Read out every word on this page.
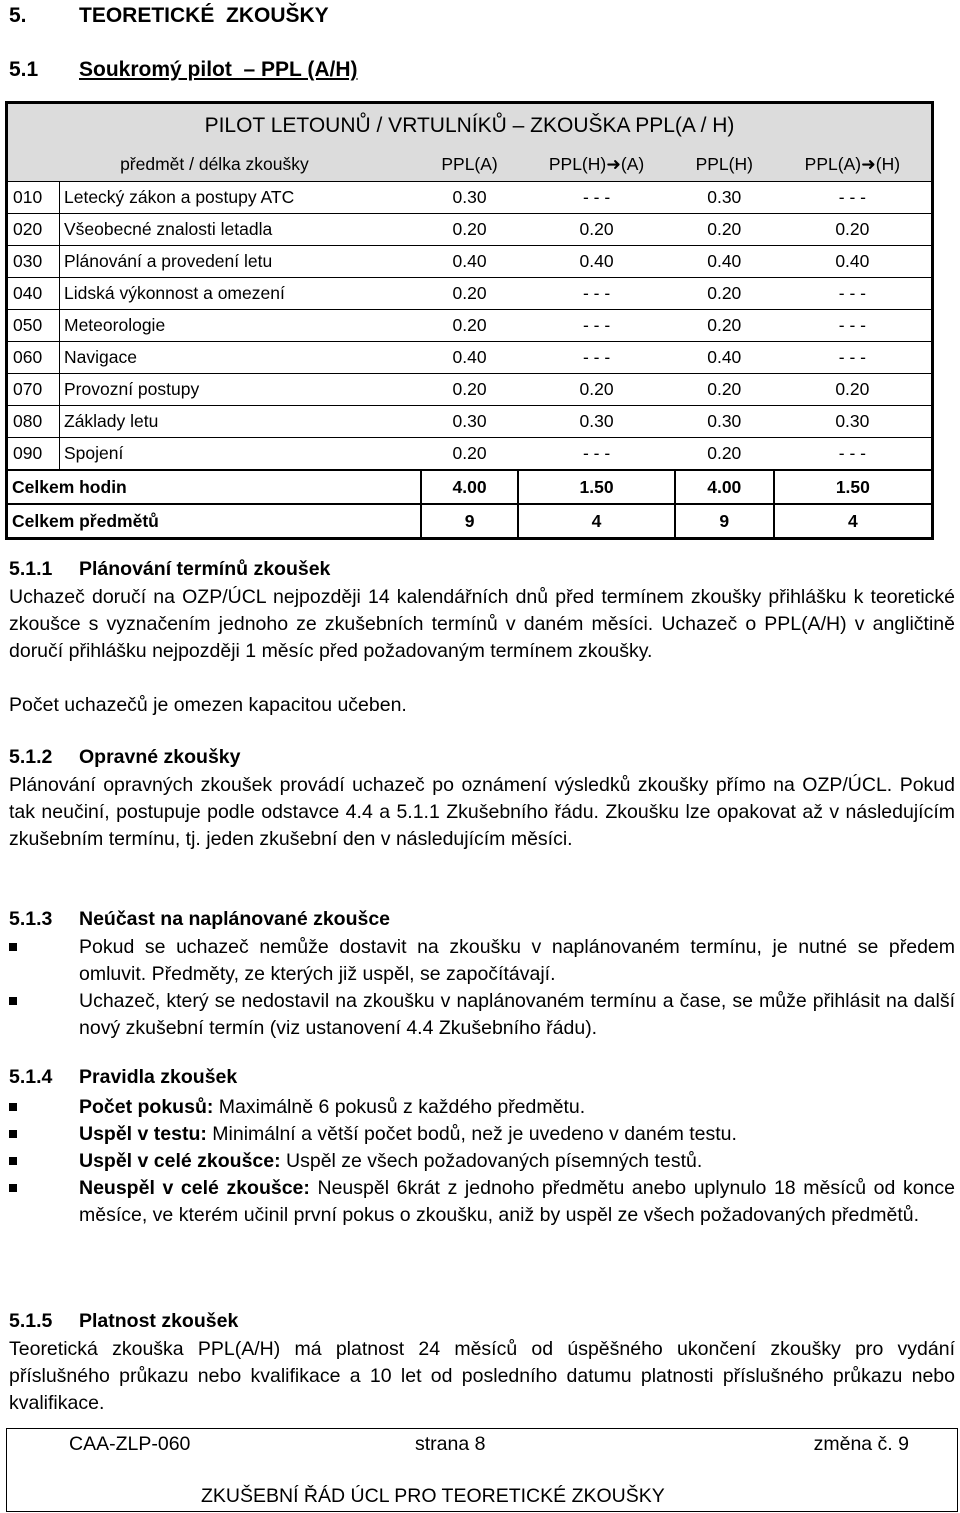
5. TEORETICKÉ  ZKOUŠKY
5.1 Soukromý pilot  – PPL (A/H)
PILOT LETOUNŮ / VRTULNÍKŮ – ZKOUŠKA PPL(A / H)					
předmět / délka zkoušky		PPL(A)	PPL(H)➜(A)	PPL(H)	PPL(A)➜(H)
010	Letecký zákon a postupy ATC	0.30	- - -	0.30	- - -
020	Všeobecné znalosti letadla	0.20	0.20	0.20	0.20
030	Plánování a provedení letu	0.40	0.40	0.40	0.40
040	Lidská výkonnost a omezení	0.20	- - -	0.20	- - -
050	Meteorologie	0.20	- - -	0.20	- - -
060	Navigace	0.40	- - -	0.40	- - -
070	Provozní postupy	0.20	0.20	0.20	0.20
080	Základy letu	0.30	0.30	0.30	0.30
090	Spojení	0.20	- - -	0.20	- - -
Celkem hodin		4.00	1.50	4.00	1.50
Celkem předmětů		9	4	9	4
5.1.1 Plánování termínů zkoušek
Uchazeč doručí na OZP/ÚCL nejpozději 14 kalendářních dnů před termínem zkoušky přihlášku k teoretické zkoušce s vyznačením jednoho ze zkušebních termínů v daném měsíci. Uchazeč o PPL(A/H) v angličtině doručí přihlášku nejpozději 1 měsíc před požadovaným termínem zkoušky.
Počet uchazečů je omezen kapacitou učeben.
5.1.2 Opravné zkoušky
Plánování opravných zkoušek provádí uchazeč po oznámení výsledků zkoušky přímo na OZP/ÚCL. Pokud tak neučiní, postupuje podle odstavce 4.4 a 5.1.1 Zkušebního řádu. Zkoušku lze opakovat až v následujícím zkušebním termínu, tj. jeden zkušební den v následujícím měsíci.
5.1.3 Neúčast na naplánované zkoušce
Pokud se uchazeč nemůže dostavit na zkoušku v naplánovaném termínu, je nutné se předem omluvit. Předměty, ze kterých již uspěl, se započítávají.
Uchazeč, který se nedostavil na zkoušku v naplánovaném termínu a čase, se může přihlásit na další nový zkušební termín (viz ustanovení 4.4 Zkušebního řádu).
5.1.4 Pravidla zkoušek
Počet pokusů: Maximálně 6 pokusů z každého předmětu.
Uspěl v testu: Minimální a větší počet bodů, než je uvedeno v daném testu.
Uspěl v celé zkoušce: Uspěl ze všech požadovaných písemných testů.
Neuspěl v celé zkoušce: Neuspěl 6krát z jednoho předmětu anebo uplynulo 18 měsíců od konce měsíce, ve kterém učinil první pokus o zkoušku, aniž by uspěl ze všech požadovaných předmětů.
5.1.5 Platnost zkoušek
Teoretická zkouška PPL(A/H) má platnost 24 měsíců od úspěšného ukončení zkoušky pro vydání příslušného průkazu nebo kvalifikace a 10 let od posledního datumu platnosti příslušného průkazu nebo kvalifikace.
CAA-ZLP-060	strana 8	změna č. 9
ZKUŠEBNÍ ŘÁD ÚCL PRO TEORETICKÉ ZKOUŠKY
